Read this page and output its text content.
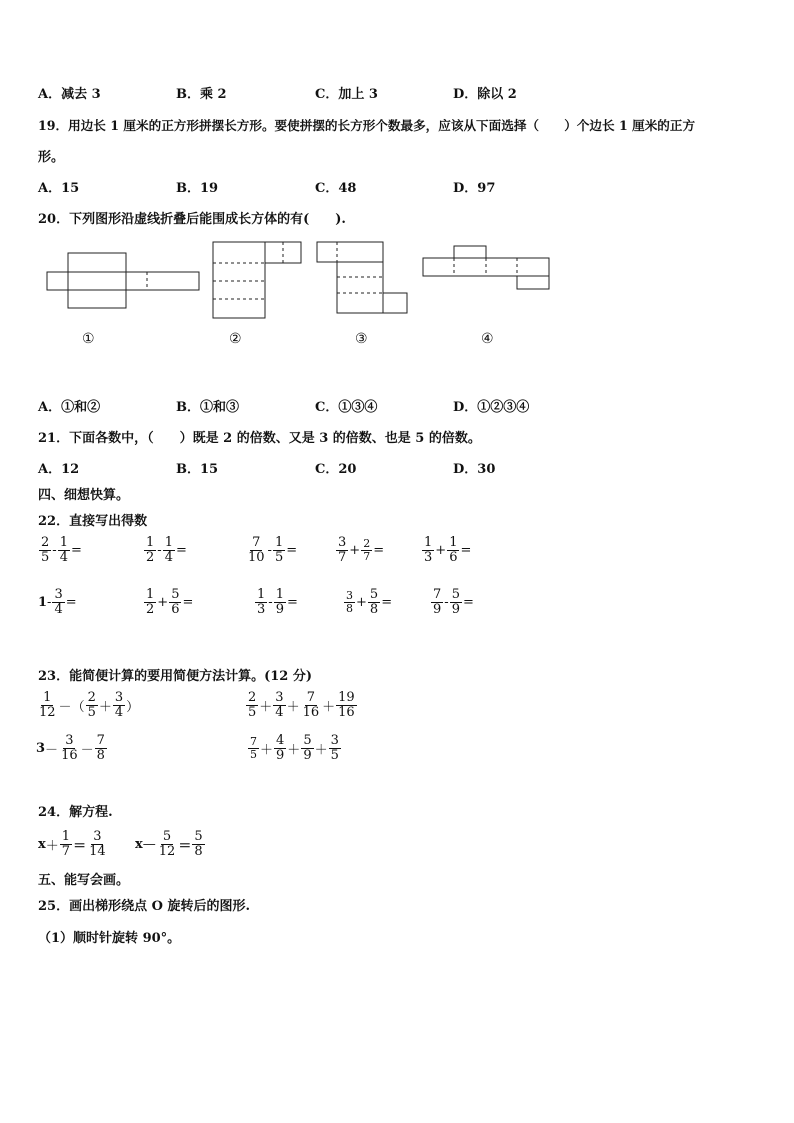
A．减去 3	B．乘 2	C．加上 3	D．除以 2
19．用边长 1 厘米的正方形拼摆长方形。要使拼摆的长方形个数最多，应该从下面选择（　　）个边长 1 厘米的正方
形。
A．15	B．19	C．48	D．97
20．下列图形沿虚线折叠后能围成长方体的有(　　).
①	②	③	④
A．①和②	B．①和③	C．①③④	D．①②③④
21．下面各数中，（　　）既是 2 的倍数、又是 3 的倍数、也是 5 的倍数。
A．12	B．15	C．20	D．30
四、细想快算。
22．直接写出得数
$\frac{2}{5} - \frac{1}{4}$ =	$\frac{1}{2} - \frac{1}{4}$ =	$\frac{7}{10} - \frac{1}{5}$ =	$\frac{3}{7} + \frac{2}{7}$ =	$\frac{1}{3} + \frac{1}{6}$ =
$1 - \frac{3}{4}$ =	$\frac{1}{2} + \frac{5}{6}$ =	$\frac{1}{3} - \frac{1}{9}$ =	$\frac{3}{8} + \frac{5}{8}$ =	$\frac{7}{9} - \frac{5}{9}$ =
23．能简便计算的要用简便方法计算。(12 分)
$\frac{1}{12}$ － （ $\frac{2}{5} + \frac{3}{4}$ ）	$\frac{2}{5} + \frac{3}{4} + \frac{7}{16} + \frac{19}{16}$
$3 - \frac{3}{16} - \frac{7}{8}$	$\frac{7}{5} + \frac{4}{9} + \frac{5}{9} + \frac{3}{5}$
24．解方程.
$x + \frac{1}{7} = \frac{3}{14}$ x — $\frac{5}{12} = \frac{5}{8}$
五、能写会画。
25．画出梯形绕点 O 旋转后的图形.
（1）顺时针旋转 90°。
